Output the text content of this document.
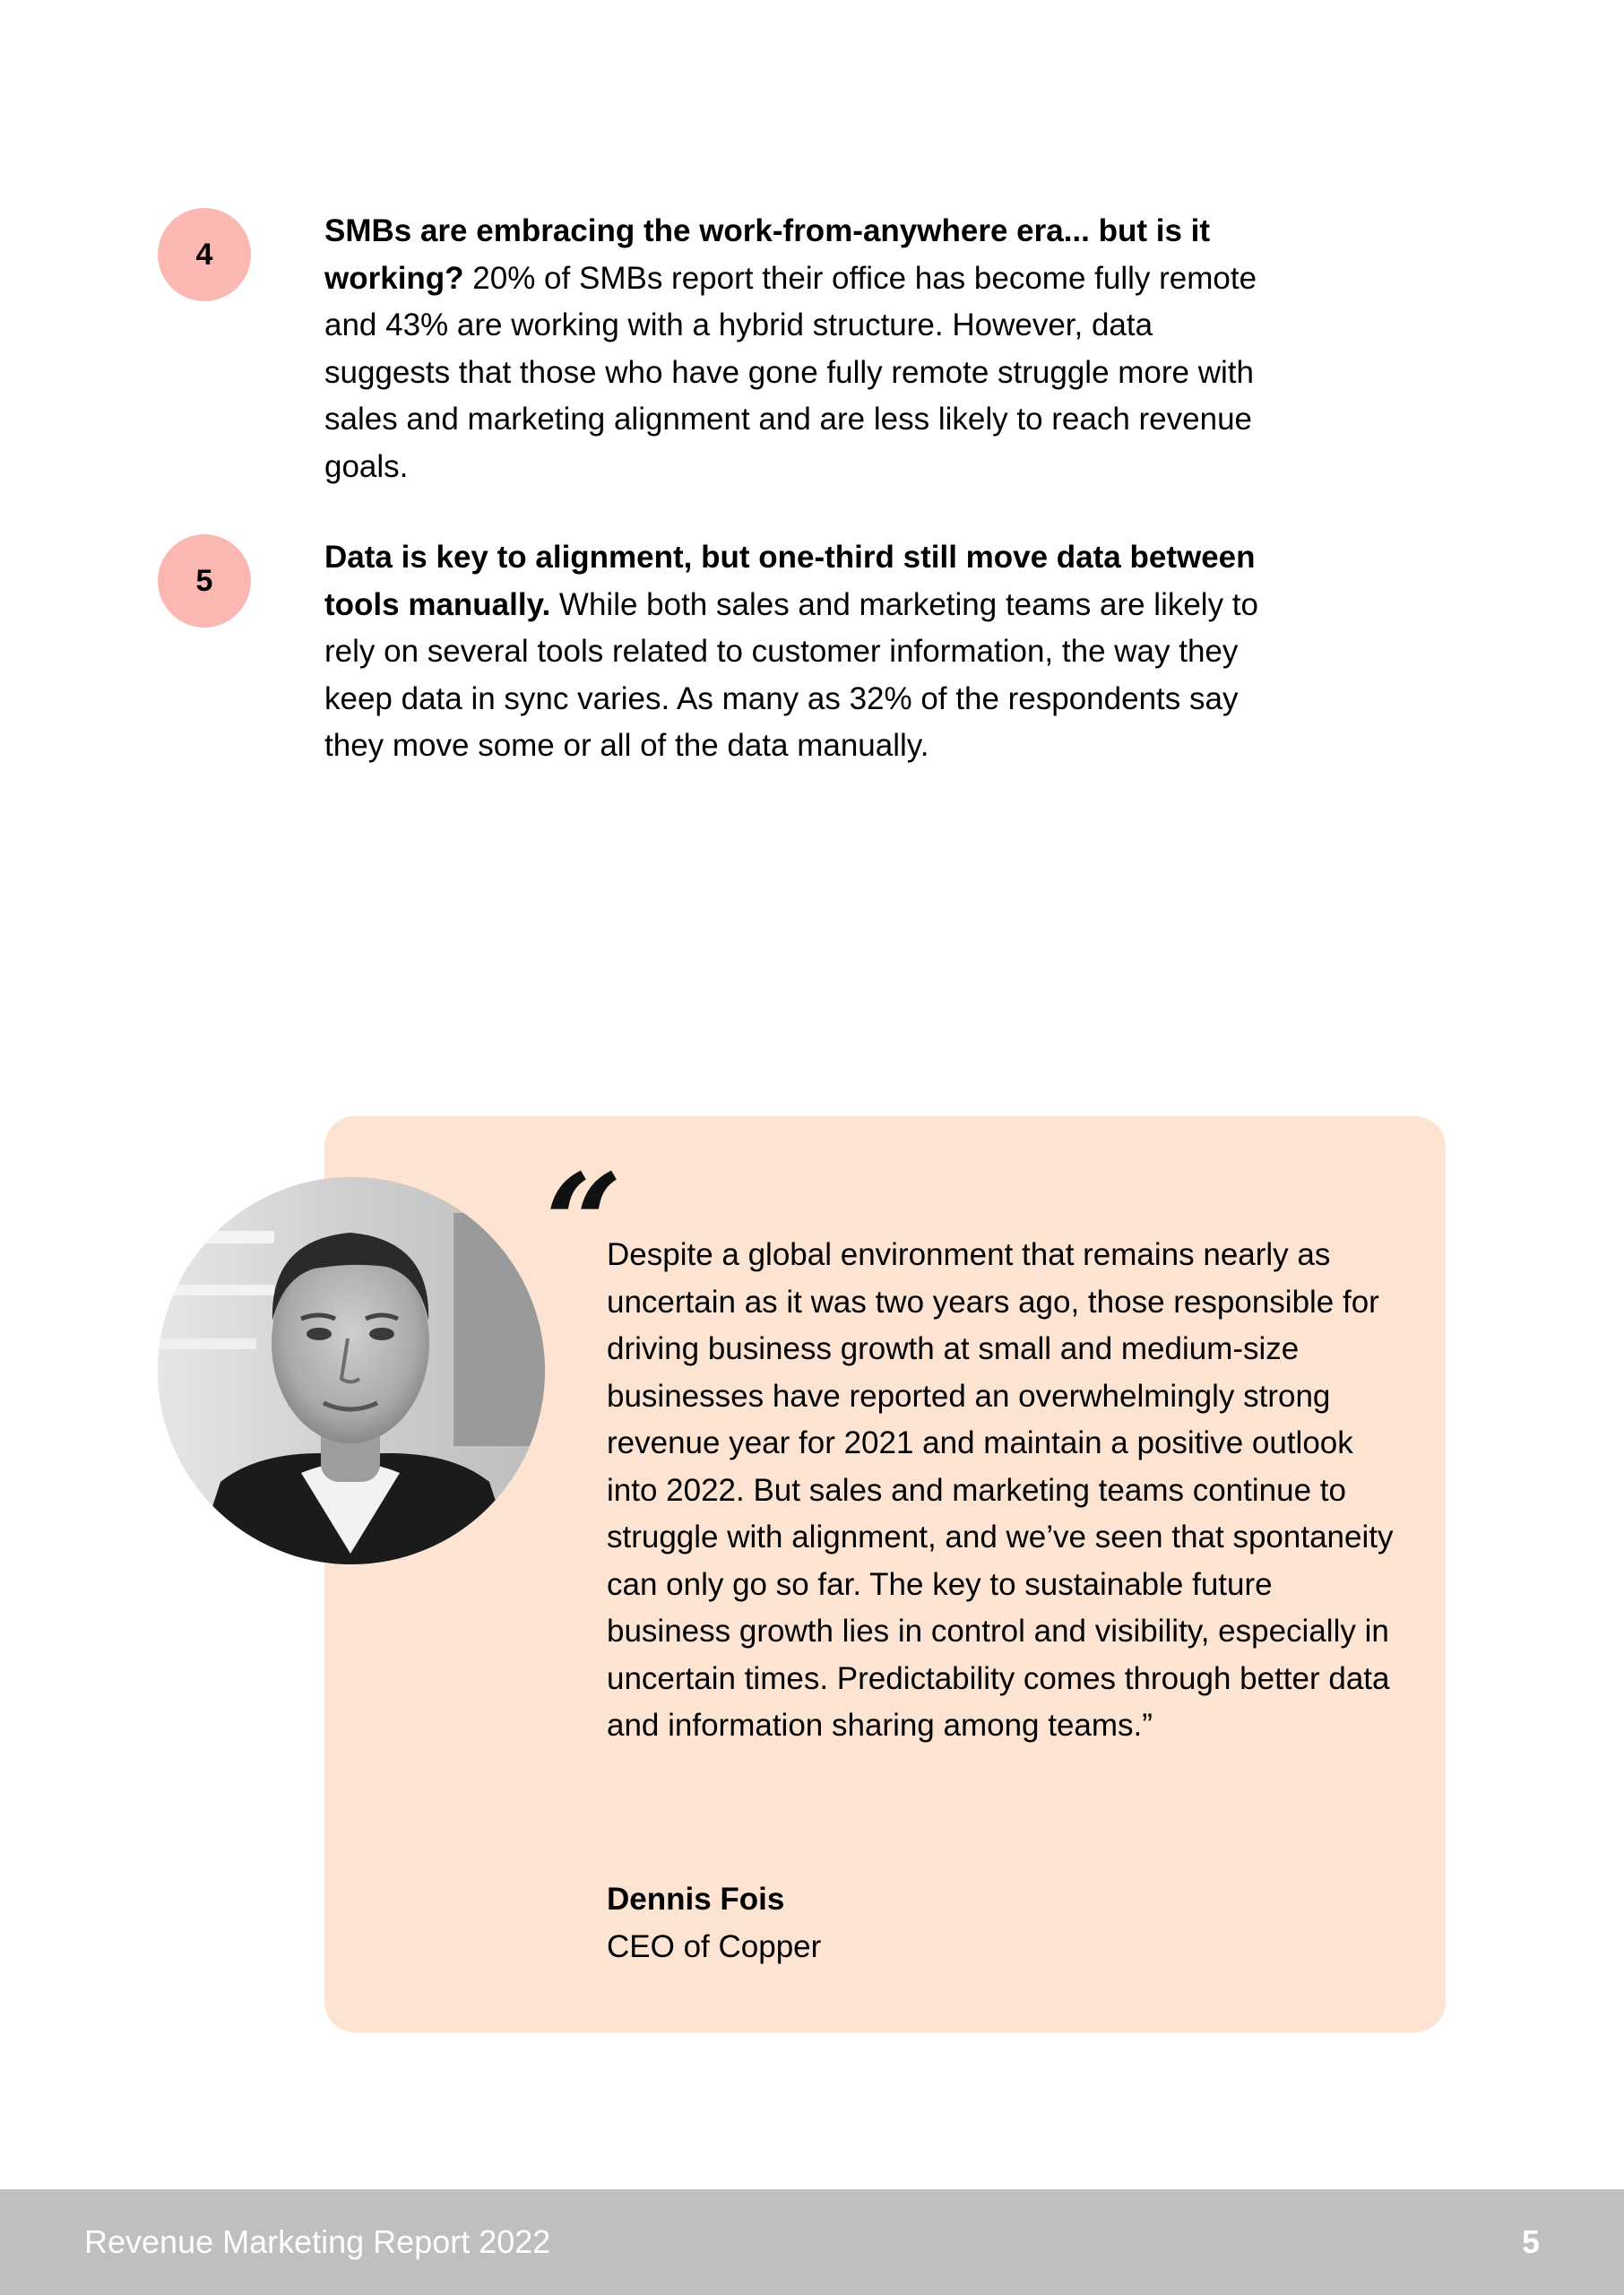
4

SMBs are embracing the work-from-anywhere era... but is it working? 20% of SMBs report their office has become fully remote and 43% are working with a hybrid structure. However, data suggests that those who have gone fully remote struggle more with sales and marketing alignment and are less likely to reach revenue goals.

5

Data is key to alignment, but one-third still move data between tools manually. While both sales and marketing teams are likely to rely on several tools related to customer information, the way they keep data in sync varies. As many as 32% of the respondents say they move some or all of the data manually.

“

Despite a global environment that remains nearly as uncertain as it was two years ago, those responsible for driving business growth at small and medium-size businesses have reported an overwhelmingly strong revenue year for 2021 and maintain a positive outlook into 2022. But sales and marketing teams continue to struggle with alignment, and we’ve seen that spontaneity can only go so far. The key to sustainable future business growth lies in control and visibility, especially in uncertain times. Predictability comes through better data and information sharing among teams.”

Dennis Fois
CEO of Copper
Revenue Marketing Report 2022	5
